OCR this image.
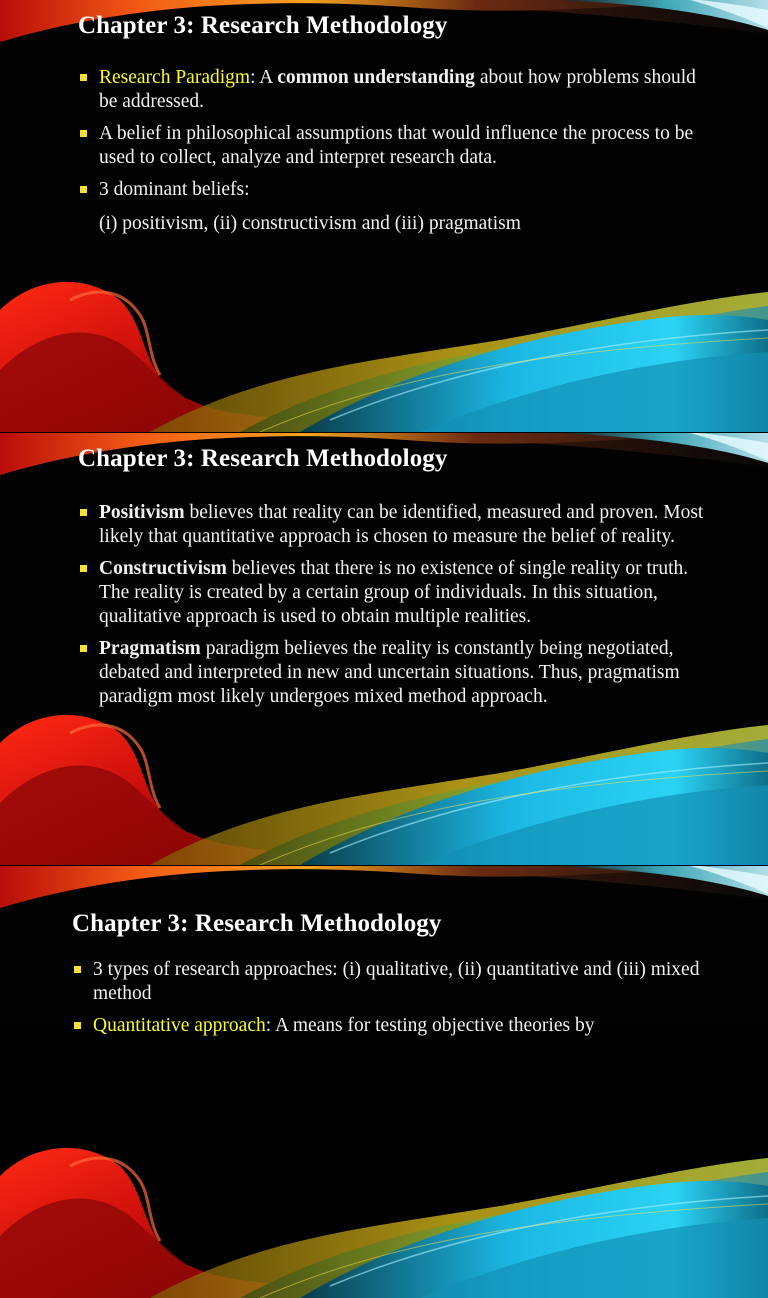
Chapter 3: Research Methodology
Research Paradigm: A common understanding about how problems should be addressed.
A belief in philosophical assumptions that would influence the process to be used to collect, analyze and interpret research data.
3 dominant beliefs:

(i) positivism, (ii) constructivism and (iii) pragmatism

Chapter 3: Research Methodology
Positivism believes that reality can be identified, measured and proven. Most likely that quantitative approach is chosen to measure the belief of reality.
Constructivism believes that there is no existence of single reality or truth. The reality is created by a certain group of individuals. In this situation, qualitative approach is used to obtain multiple realities.
Pragmatism paradigm believes the reality is constantly being negotiated, debated and interpreted in new and uncertain situations. Thus, pragmatism paradigm most likely undergoes mixed method approach.
Chapter 3: Research Methodology
3 types of research approaches: (i) qualitative, (ii) quantitative and (iii) mixed method
Quantitative approach: A means for testing objective theories by
